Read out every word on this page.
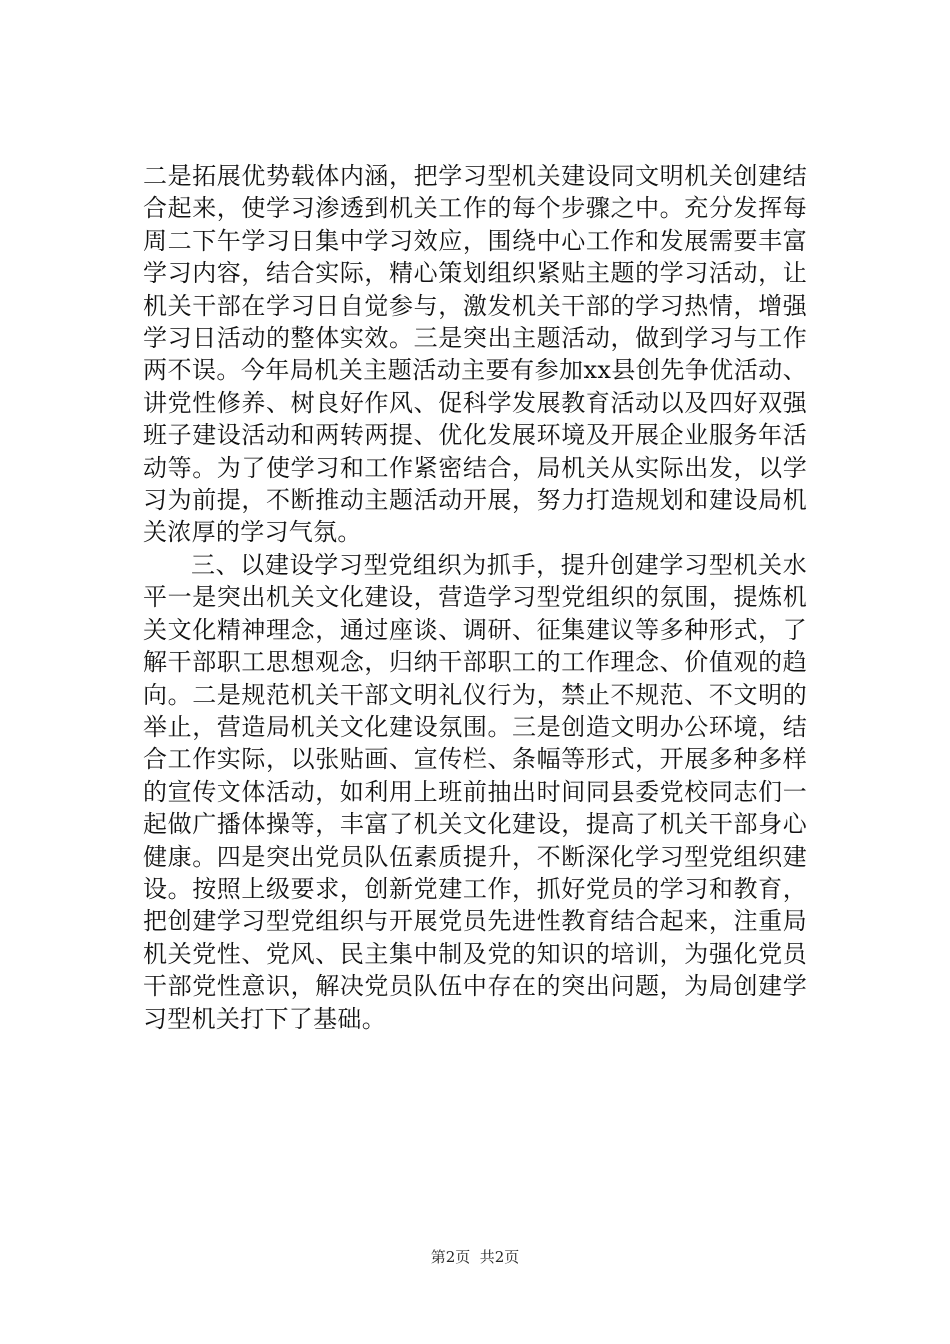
二是拓展优势载体内涵，把学习型机关建设同文明机关创建结合起来，使学习渗透到机关工作的每个步骤之中。充分发挥每周二下午学习日集中学习效应，围绕中心工作和发展需要丰富学习内容，结合实际，精心策划组织紧贴主题的学习活动，让机关干部在学习日自觉参与，激发机关干部的学习热情，增强学习日活动的整体实效。三是突出主题活动，做到学习与工作两不误。今年局机关主题活动主要有参加xx县创先争优活动、讲党性修养、树良好作风、促科学发展教育活动以及四好双强班子建设活动和两转两提、优化发展环境及开展企业服务年活动等。为了使学习和工作紧密结合，局机关从实际出发，以学习为前提，不断推动主题活动开展，努力打造规划和建设局机关浓厚的学习气氛。

三、以建设学习型党组织为抓手，提升创建学习型机关水平一是突出机关文化建设，营造学习型党组织的氛围，提炼机关文化精神理念，通过座谈、调研、征集建议等多种形式，了解干部职工思想观念，归纳干部职工的工作理念、价值观的趋向。二是规范机关干部文明礼仪行为，禁止不规范、不文明的举止，营造局机关文化建设氛围。三是创造文明办公环境，结合工作实际，以张贴画、宣传栏、条幅等形式，开展多种多样的宣传文体活动，如利用上班前抽出时间同县委党校同志们一起做广播体操等，丰富了机关文化建设，提高了机关干部身心健康。四是突出党员队伍素质提升，不断深化学习型党组织建设。按照上级要求，创新党建工作，抓好党员的学习和教育，把创建学习型党组织与开展党员先进性教育结合起来，注重局机关党性、党风、民主集中制及党的知识的培训，为强化党员干部党性意识，解决党员队伍中存在的突出问题，为局创建学习型机关打下了基础。

第2页  共2页
